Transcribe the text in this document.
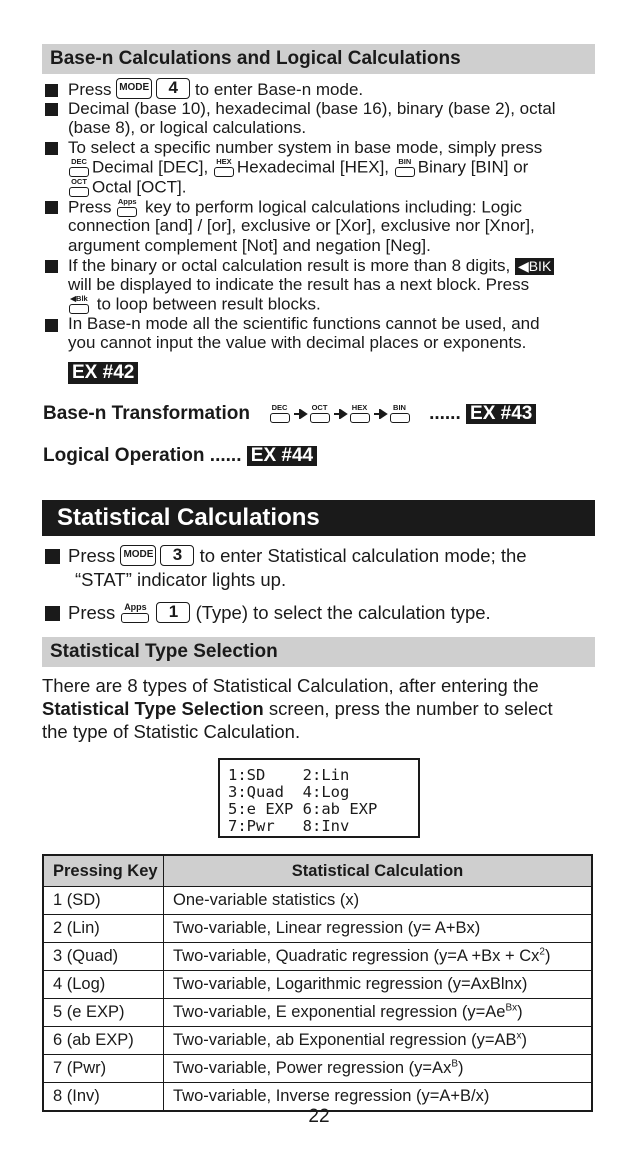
Base-n Calculations and Logical Calculations
Press MODE 4 to enter Base-n mode.
Decimal (base 10), hexadecimal (base 16), binary (base 2), octal
(base 8), or logical calculations.
To select a specific number system in base mode, simply press
DEC Decimal [DEC],	HEX Hexadecimal [HEX],	BIN Binary [BIN] or
OCT Octal [OCT].
Press Apps key to perform logical calculations including: Logic
connection [and] / [or], exclusive or [Xor], exclusive nor [Xnor],
argument complement [Not] and negation [Neg].
If the binary or octal calculation result is more than 8 digits, ◀BIK
will be displayed to indicate the result has a next block. Press
◀Blk to loop between result blocks.
In Base-n mode all the scientific functions cannot be used, and
you cannot input the value with decimal places or exponents.
EX #42
Base-n Transformation	DEC	OCT	HEX	BIN ...... EX #43
Logical Operation ...... EX #44
Statistical Calculations
Press MODE 3 to enter Statistical calculation mode; the
“STAT” indicator lights up.
Press Apps 1 (Type) to select the calculation type.
Statistical Type Selection
There are 8 types of Statistical Calculation, after entering the
Statistical Type Selection screen, press the number to select
the type of Statistic Calculation.
1:SD    2:Lin
3:Quad  4:Log
5:e EXP 6:ab EXP
7:Pwr   8:Inv
Pressing Key	Statistical Calculation
1 (SD)	One-variable statistics (x)
2 (Lin)	Two-variable, Linear regression (y= A+Bx)
3 (Quad)	Two-variable, Quadratic regression $(y=A +Bx + Cx^2)$
4 (Log)	Two-variable, Logarithmic regression (y=AxBlnx)
5 (e EXP)	Two-variable, E exponential regression $(y=Ae^{Bx})$
6 (ab EXP)	Two-variable, ab Exponential regression $(y=AB^x)$
7 (Pwr)	Two-variable, Power regression $(y=Ax^B)$
8 (Inv)	Two-variable, Inverse regression (y=A+B/x)
22
